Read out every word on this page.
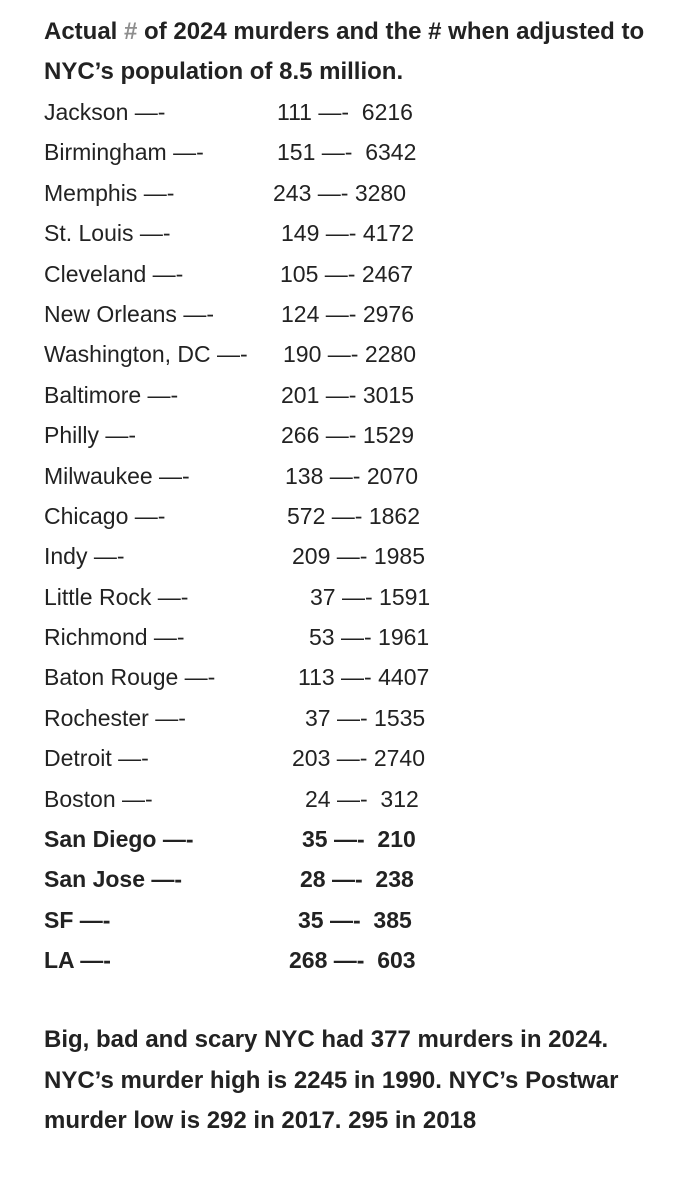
Actual # of 2024 murders and the # when adjusted to NYC’s population of 8.5 million.
Jackson —-	111 —-  6216
Birmingham —-	151 —-  6342
Memphis —-	243 —- 3280
St. Louis —-	149 —- 4172
Cleveland —-	105 —- 2467
New Orleans —-	124 —- 2976
Washington, DC —- 190 —- 2280
Baltimore —-	201 —- 3015
Philly —-	266 —- 1529
Milwaukee —-	138 —- 2070
Chicago —-	572 —- 1862
Indy —-	209 —- 1985
Little Rock —-	37 —- 1591
Richmond —-	53 —- 1961
Baton Rouge —-	113 —- 4407
Rochester —-	37 —- 1535
Detroit —-	203 —- 2740
Boston —-	24 —-  312
San Diego —-	35 —-  210
San Jose —-	28 —-  238
SF —-	35 —-  385
LA —-	268 —-  603
Big, bad and scary NYC had 377 murders in 2024. NYC’s murder high is 2245 in 1990. NYC’s Postwar murder low is 292 in 2017. 295 in 2018
